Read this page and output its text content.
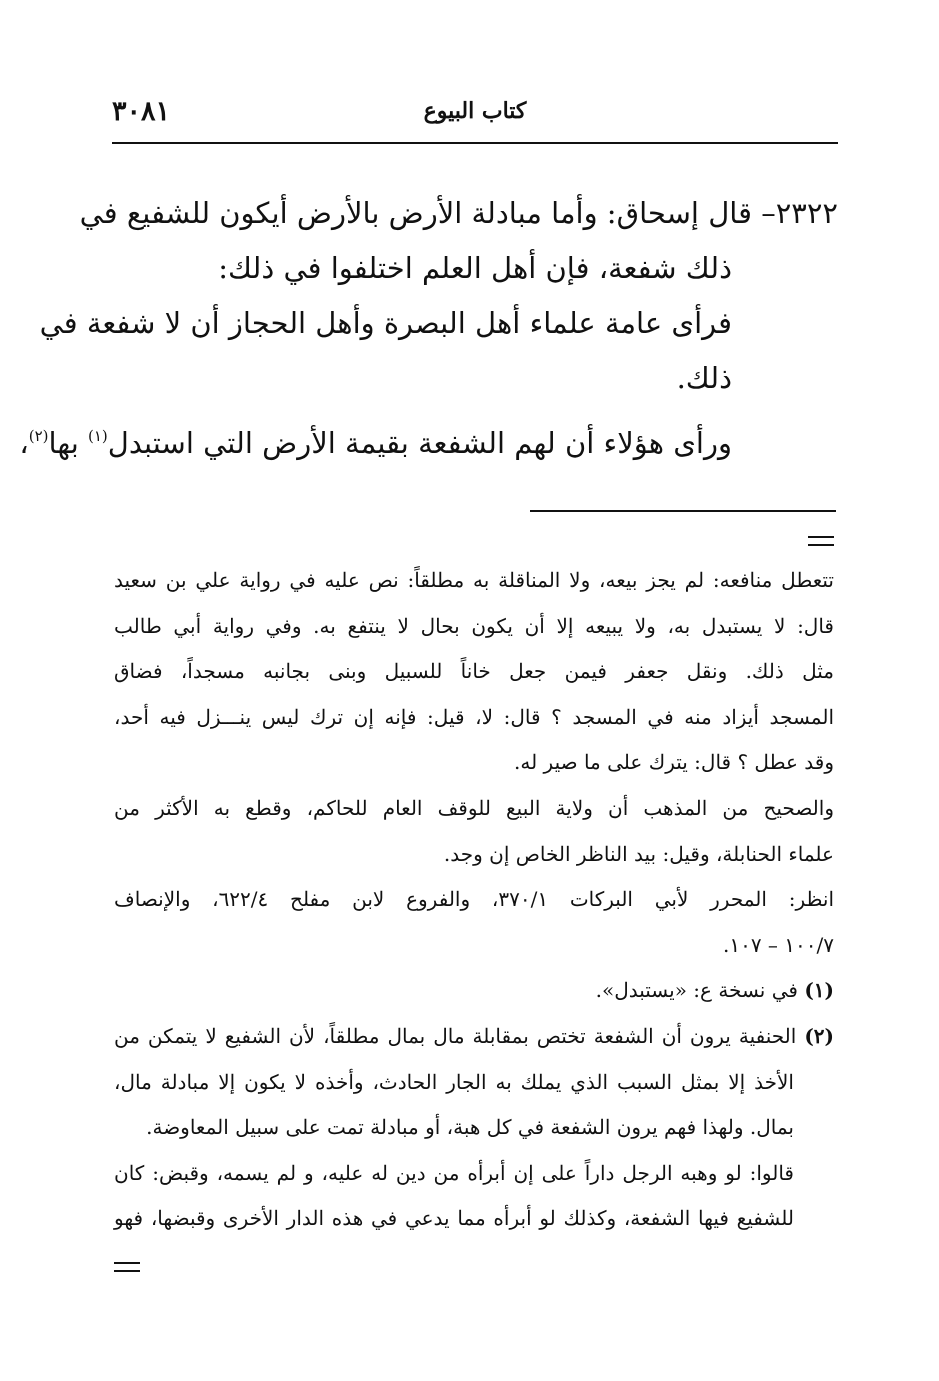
٣٠٨١	كتاب البيوع
٢٣٢٢– قال إسحاق: وأما مبادلة الأرض بالأرض أيكون للشفيع في
ذلك شفعة، فإن أهل العلم اختلفوا في ذلك:
فرأى عامة علماء أهل البصرة وأهل الحجاز أن لا شفعة في
ذلك.
ورأى هؤلاء أن لهم الشفعة بقيمة الأرض التي استبدل$^{(١)}$ بها$^{(٢)}$،
تتعطل منافعه: لم يجز بيعه، ولا المناقلة به مطلقاً: نص عليه في رواية علي بن سعيد
قال: لا يستبدل به، ولا يبيعه إلا أن يكون بحال لا ينتفع به. وفي رواية أبي طالب
مثل ذلك. ونقل جعفر فيمن جعل خاناً للسبيل وبنى بجانبه مسجداً، فضاق
المسجد أيزاد منه في المسجد ؟ قال: لا، قيل: فإنه إن ترك ليس ينـــزل فيه أحد،
وقد عطل ؟ قال: يترك على ما صير له.
والصحيح من المذهب أن ولاية البيع للوقف العام للحاكم، وقطع به الأكثر من
علماء الحنابلة، وقيل: بيد الناظر الخاص إن وجد.
انظر: المحرر لأبي البركات ٣٧٠/١، والفروع لابن مفلح ٦٢٢/٤، والإنصاف
١٠٠/٧ – ١٠٧.
(١) في نسخة ع: «يستبدل».
(٢) الحنفية يرون أن الشفعة تختص بمقابلة مال بمال مطلقاً، لأن الشفيع لا يتمكن من
الأخذ إلا بمثل السبب الذي يملك به الجار الحادث، وأخذه لا يكون إلا مبادلة مال،
بمال. ولهذا فهم يرون الشفعة في كل هبة، أو مبادلة تمت على سبيل المعاوضة.
قالوا: لو وهبه الرجل داراً على إن أبرأه من دين له عليه، و لم يسمه، وقبض: كان
للشفيع فيها الشفعة، وكذلك لو أبرأه مما يدعي في هذه الدار الأخرى وقبضها، فهو
